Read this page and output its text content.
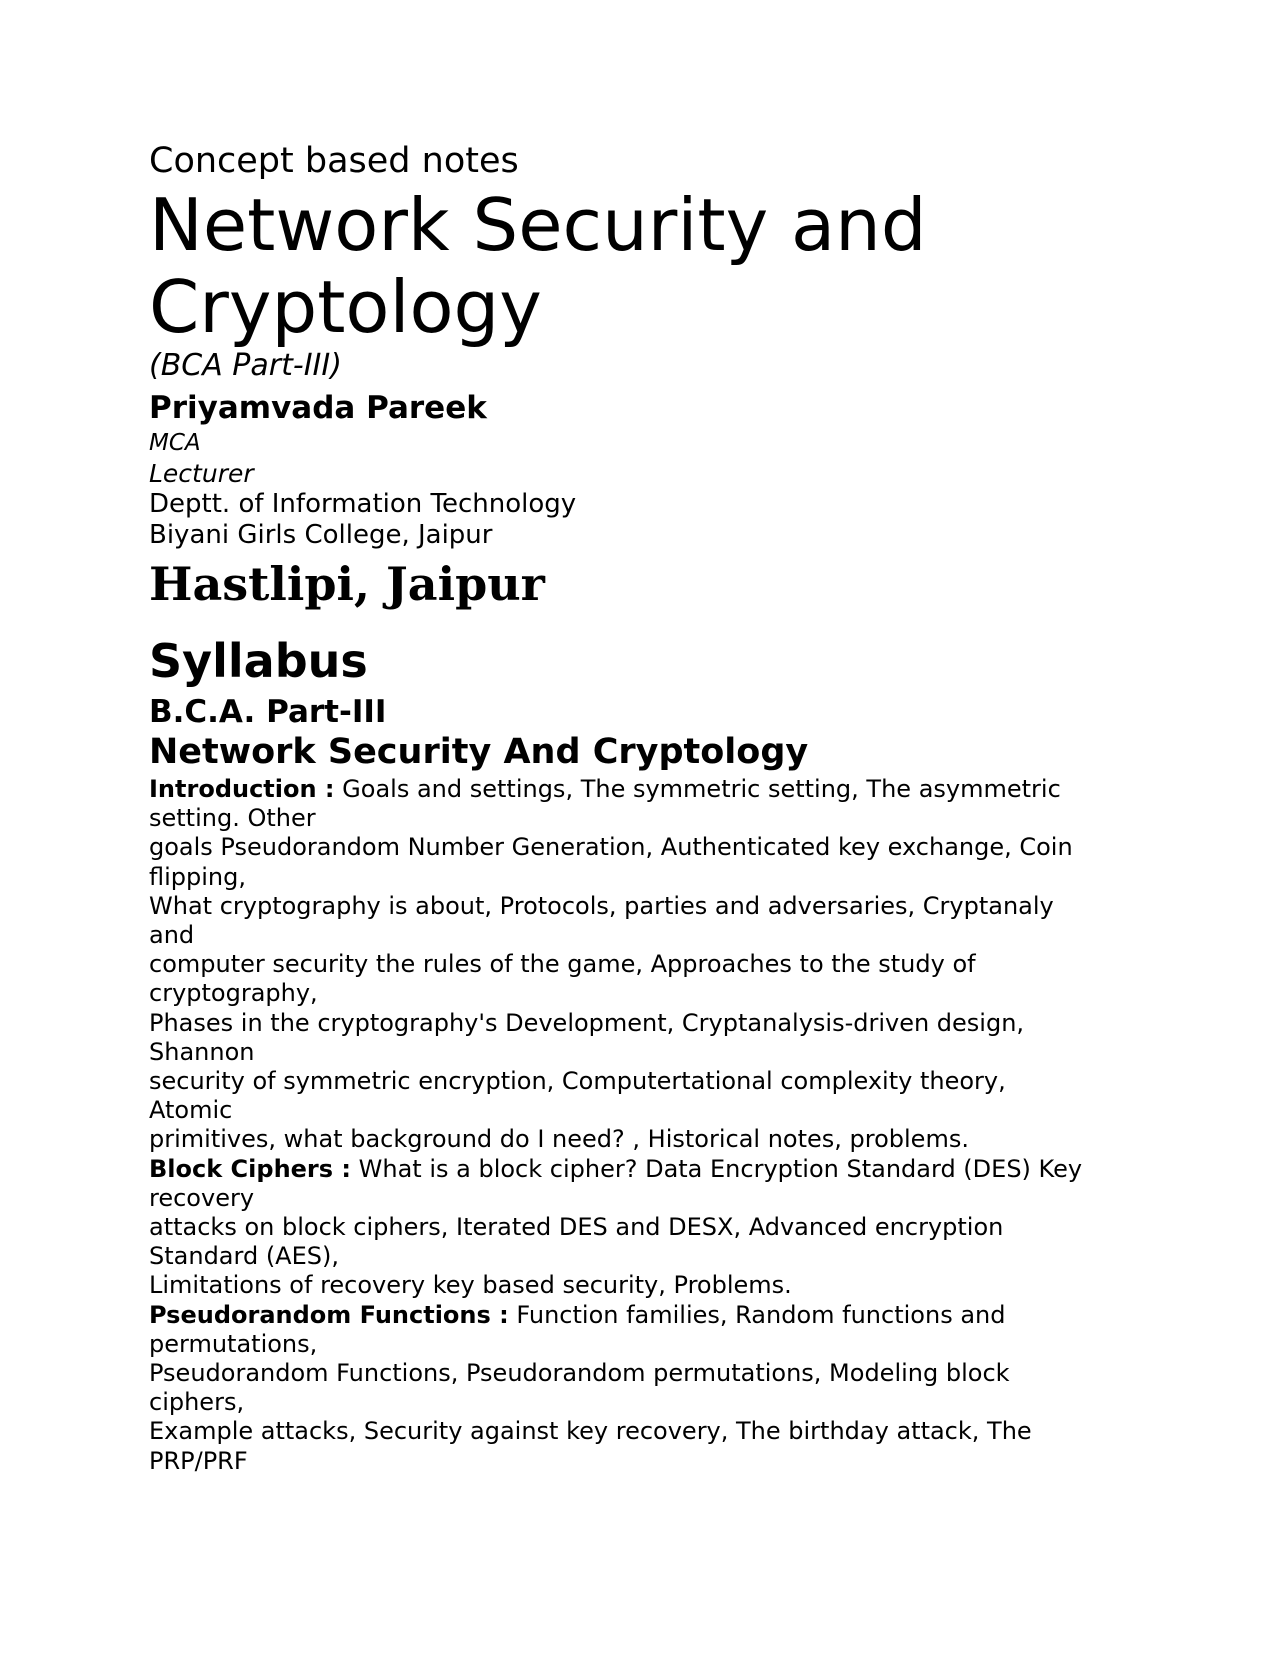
Concept based notes
Network Security and
Cryptology
(BCA Part-III)
Priyamvada Pareek
MCA
Lecturer
Deptt. of Information Technology
Biyani Girls College, Jaipur
Hastlipi, Jaipur
Syllabus
B.C.A. Part-III
Network Security And Cryptology
Introduction : Goals and settings, The symmetric setting, The asymmetric
setting. Other
goals Pseudorandom Number Generation, Authenticated key exchange, Coin
flipping,
What cryptography is about, Protocols, parties and adversaries, Cryptanaly
and
computer security the rules of the game, Approaches to the study of
cryptography,
Phases in the cryptography's Development, Cryptanalysis-driven design,
Shannon
security of symmetric encryption, Computertational complexity theory,
Atomic
primitives, what background do I need? , Historical notes, problems.
Block Ciphers : What is a block cipher? Data Encryption Standard (DES) Key
recovery
attacks on block ciphers, Iterated DES and DESX, Advanced encryption
Standard (AES),
Limitations of recovery key based security, Problems.
Pseudorandom Functions : Function families, Random functions and
permutations,
Pseudorandom Functions, Pseudorandom permutations, Modeling block
ciphers,
Example attacks, Security against key recovery, The birthday attack, The
PRP/PRF
